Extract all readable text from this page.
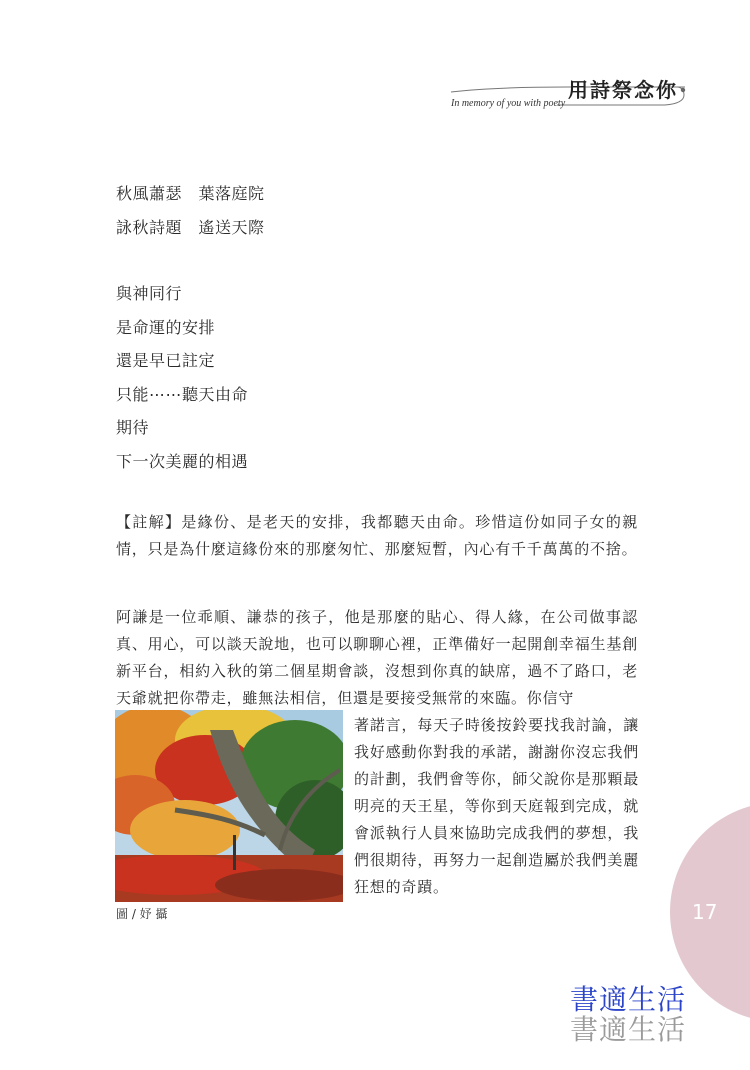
用詩祭念你
In memory of you with poety
秋風蕭瑟　葉落庭院
詠秋詩題　遙送天際
與神同行
是命運的安排
還是早已註定
只能⋯⋯聽天由命
期待
下一次美麗的相遇

【註解】是緣份、是老天的安排，我都聽天由命。珍惜這份如同子女的親情，只是為什麼這緣份來的那麼匆忙、那麼短暫，內心有千千萬萬的不捨。

阿謙是一位乖順、謙恭的孩子，他是那麼的貼心、得人緣，在公司做事認真、用心，可以談天說地，也可以聊聊心裡，正準備好一起開創幸福生基創新平台，相約入秋的第二個星期會談，沒想到你真的缺席，過不了路口，老天爺就把你帶走，雖無法相信，但還是要接受無常的來臨。你信守

著諾言，每天子時後按鈴要找我討論，讓我好感動你對我的承諾，謝謝你沒忘我們的計劃，我們會等你，師父說你是那顆最明亮的天王星，等你到天庭報到完成，就會派執行人員來協助完成我們的夢想，我們很期待，再努力一起創造屬於我們美麗狂想的奇蹟。

圖 / 妤 攝	17
書適生活
書適生活
